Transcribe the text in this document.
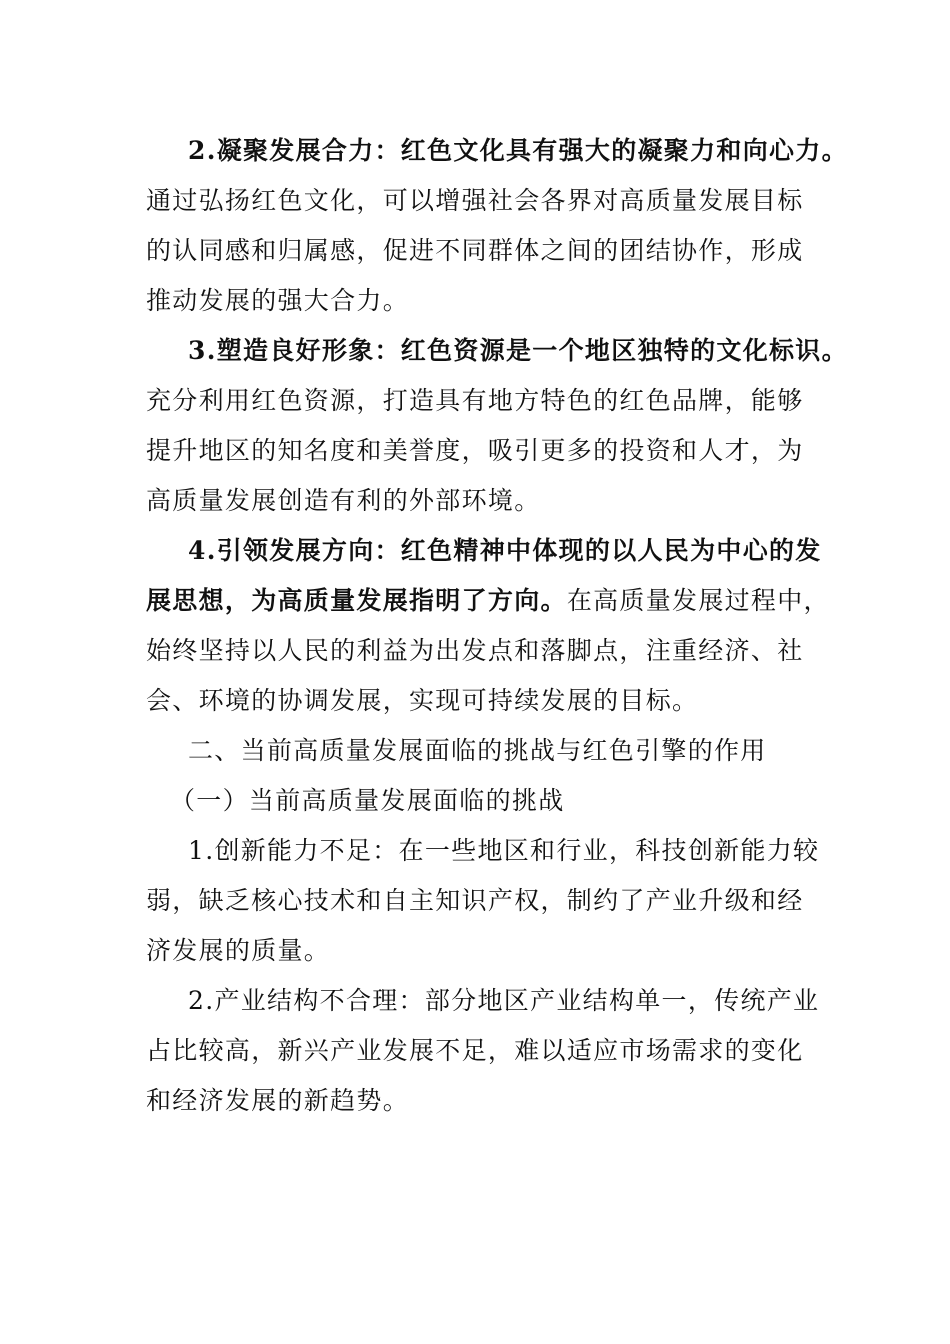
2.凝聚发展合力：红色文化具有强大的凝聚力和向心力。
通过弘扬红色文化，可以增强社会各界对高质量发展目标
的认同感和归属感，促进不同群体之间的团结协作，形成
推动发展的强大合力。
3.塑造良好形象：红色资源是一个地区独特的文化标识。
充分利用红色资源，打造具有地方特色的红色品牌，能够
提升地区的知名度和美誉度，吸引更多的投资和人才，为
高质量发展创造有利的外部环境。
4.引领发展方向：红色精神中体现的以人民为中心的发
展思想，为高质量发展指明了方向。在高质量发展过程中，
始终坚持以人民的利益为出发点和落脚点，注重经济、社
会、环境的协调发展，实现可持续发展的目标。
二、当前高质量发展面临的挑战与红色引擎的作用
（一）当前高质量发展面临的挑战
1.创新能力不足：在一些地区和行业，科技创新能力较
弱，缺乏核心技术和自主知识产权，制约了产业升级和经
济发展的质量。
2.产业结构不合理：部分地区产业结构单一，传统产业
占比较高，新兴产业发展不足，难以适应市场需求的变化
和经济发展的新趋势。
